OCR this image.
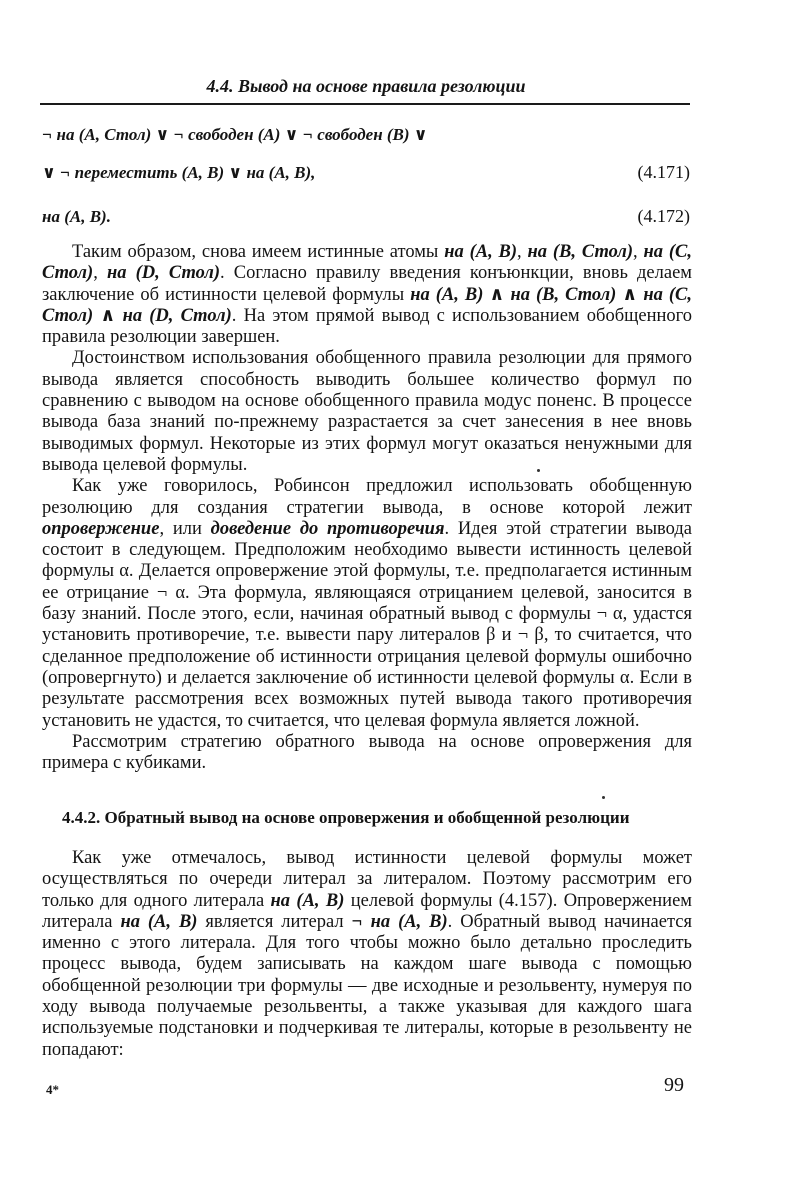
4.4. Вывод на основе правила резолюции
¬ на (A, Стол) ∨ ¬ свободен (A) ∨ ¬ свободен (B) ∨
∨ ¬ переместить (A, B) ∨ на (A, B),	(4.171)
на (A, B).	(4.172)

Таким образом, снова имеем истинные атомы на (A, B), на (B, Стол), на (C, Стол), на (D, Стол). Согласно правилу введения конъюнкции, вновь делаем заключение об истинности целевой формулы на (A, B) ∧ на (B, Стол) ∧ на (C, Стол) ∧ на (D, Стол). На этом прямой вывод с использованием обобщенного правила резолюции завершен.

Достоинством использования обобщенного правила резолюции для прямого вывода является способность выводить большее количество формул по сравнению с выводом на основе обобщенного правила модус поненс. В процессе вывода база знаний по-прежнему разрастается за счет занесения в нее вновь выводимых формул. Некоторые из этих формул могут оказаться ненужными для вывода целевой формулы.

Как уже говорилось, Робинсон предложил использовать обобщенную резолюцию для создания стратегии вывода, в основе которой лежит опровержение, или доведение до противоречия. Идея этой стратегии вывода состоит в следующем. Предположим необходимо вывести истинность целевой формулы α. Делается опровержение этой формулы, т.е. предполагается истинным ее отрицание ¬ α. Эта формула, являющаяся отрицанием целевой, заносится в базу знаний. После этого, если, начиная обратный вывод с формулы ¬ α, удастся установить противоречие, т.е. вывести пару литералов β и ¬ β, то считается, что сделанное предположение об истинности отрицания целевой формулы ошибочно (опровергнуто) и делается заключение об истинности целевой формулы α. Если в результате рассмотрения всех возможных путей вывода такого противоречия установить не удастся, то считается, что целевая формула является ложной.

Рассмотрим стратегию обратного вывода на основе опровержения для примера с кубиками.

4.4.2. Обратный вывод на основе опровержения и обобщенной резолюции

Как уже отмечалось, вывод истинности целевой формулы может осуществляться по очереди литерал за литералом. Поэтому рассмотрим его только для одного литерала на (A, B) целевой формулы (4.157). Опровержением литерала на (A, B) является литерал ¬ на (A, B). Обратный вывод начинается именно с этого литерала. Для того чтобы можно было детально проследить процесс вывода, будем записывать на каждом шаге вывода с помощью обобщенной резолюции три формулы — две исходные и резольвенту, нумеруя по ходу вывода получаемые резольвенты, а также указывая для каждого шага используемые подстановки и подчеркивая те литералы, которые в резольвенту не попадают:

4*	99
